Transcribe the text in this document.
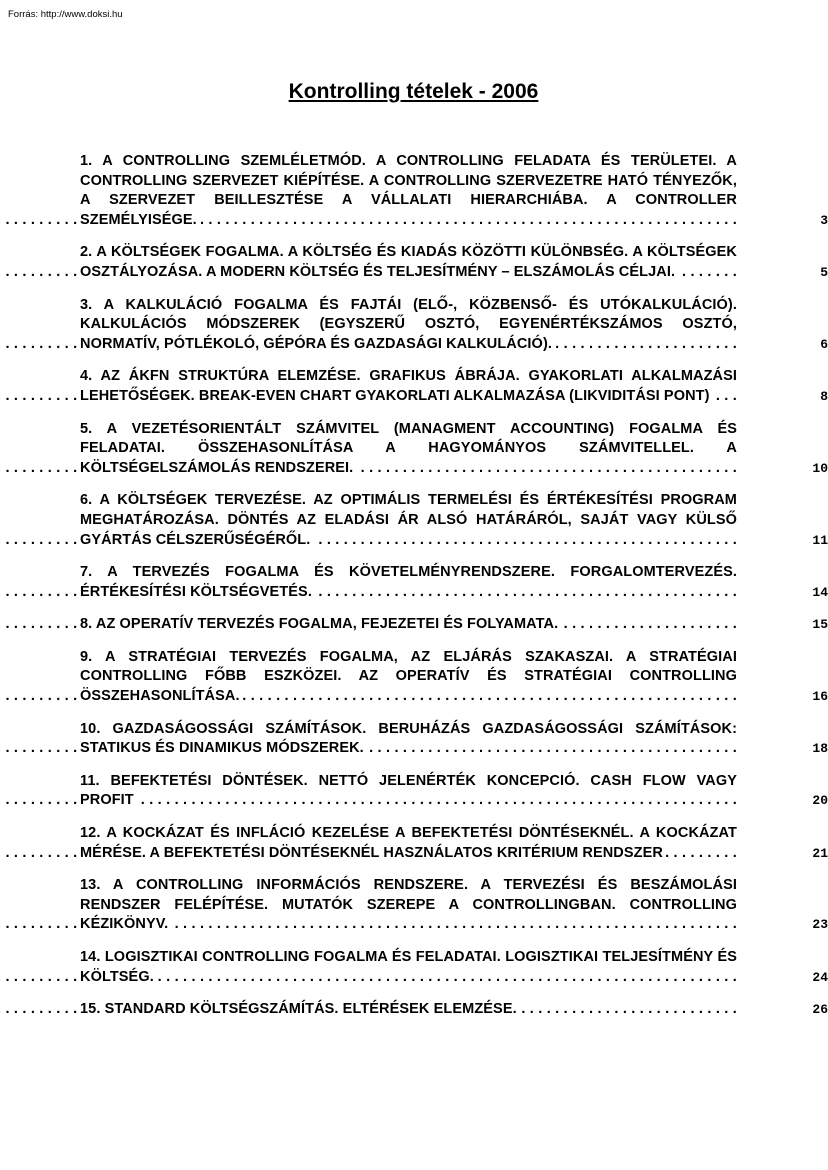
Forrás: http://www.doksi.hu
Kontrolling tételek - 2006
1. A CONTROLLING SZEMLÉLETMÓD. A CONTROLLING FELADATA ÉS TERÜLETEI. A CONTROLLING SZERVEZET KIÉPÍTÉSE. A CONTROLLING SZERVEZETRE HATÓ TÉNYEZŐK, A SZERVEZET BEILLESZTÉSE A VÁLLALATI HIERARCHIÁBA. A CONTROLLER SZEMÉLYISÉGE. . . .	3
2. A KÖLTSÉGEK FOGALMA. A KÖLTSÉG ÉS KIADÁS KÖZÖTTI KÜLÖNBSÉG. A KÖLTSÉGEK OSZTÁLYOZÁSA. A MODERN KÖLTSÉG ÉS TELJESÍTMÉNY – ELSZÁMOLÁS CÉLJAI. . . .	5
3. A KALKULÁCIÓ FOGALMA ÉS FAJTÁI (ELŐ-, KÖZBENSŐ- ÉS UTÓKALKULÁCIÓ). KALKULÁCIÓS MÓDSZEREK (EGYSZERŰ OSZTÓ, EGYENÉRTÉKSZÁMOS OSZTÓ, NORMATÍV, PÓTLÉKOLÓ, GÉPÓRA ÉS GAZDASÁGI KALKULÁCIÓ). . . .	6
4. AZ ÁKFN STRUKTÚRA ELEMZÉSE. GRAFIKUS ÁBRÁJA. GYAKORLATI ALKALMAZÁSI LEHETŐSÉGEK. BREAK-EVEN CHART GYAKORLATI ALKALMAZÁSA (LIKVIDITÁSI PONT) . . .	8
5. A VEZETÉSORIENTÁLT SZÁMVITEL (MANAGMENT ACCOUNTING) FOGALMA ÉS FELADATAI. ÖSSZEHASONLÍTÁSA A HAGYOMÁNYOS SZÁMVITELLEL. A KÖLTSÉGELSZÁMOLÁS RENDSZEREI. . . .	10
6. A KÖLTSÉGEK TERVEZÉSE. AZ OPTIMÁLIS TERMELÉSI ÉS ÉRTÉKESÍTÉSI PROGRAM MEGHATÁROZÁSA. DÖNTÉS AZ ELADÁSI ÁR ALSÓ HATÁRÁRÓL, SAJÁT VAGY KÜLSŐ GYÁRTÁS CÉLSZERŰSÉGÉRŐL. . . .	11
7. A TERVEZÉS FOGALMA ÉS KÖVETELMÉNYRENDSZERE. FORGALOMTERVEZÉS. ÉRTÉKESÍTÉSI KÖLTSÉGVETÉS. . . .	14
8. AZ OPERATÍV TERVEZÉS FOGALMA, FEJEZETEI ÉS FOLYAMATA. . . .	15
9. A STRATÉGIAI TERVEZÉS FOGALMA, AZ ELJÁRÁS SZAKASZAI. A STRATÉGIAI CONTROLLING FŐBB ESZKÖZEI. AZ OPERATÍV ÉS STRATÉGIAI CONTROLLING ÖSSZEHASONLÍTÁSA. . . .	16
10. GAZDASÁGOSSÁGI SZÁMÍTÁSOK. BERUHÁZÁS GAZDASÁGOSSÁGI SZÁMÍTÁSOK: STATIKUS ÉS DINAMIKUS MÓDSZEREK. . . .	18
11. BEFEKTETÉSI DÖNTÉSEK. NETTÓ JELENÉRTÉK KONCEPCIÓ. CASH FLOW VAGY PROFIT . . .	20
12. A KOCKÁZAT ÉS INFLÁCIÓ KEZELÉSE A BEFEKTETÉSI DÖNTÉSEKNÉL. A KOCKÁZAT MÉRÉSE. A BEFEKTETÉSI DÖNTÉSEKNÉL HASZNÁLATOS KRITÉRIUM RENDSZER . . .	21
13. A CONTROLLING INFORMÁCIÓS RENDSZERE. A TERVEZÉSI ÉS BESZÁMOLÁSI RENDSZER FELÉPÍTÉSE. MUTATÓK SZEREPE A CONTROLLINGBAN. CONTROLLING KÉZIKÖNYV. . . .	23
14. LOGISZTIKAI CONTROLLING FOGALMA ÉS FELADATAI. LOGISZTIKAI TELJESÍTMÉNY ÉS KÖLTSÉG. . . .	24
15. STANDARD KÖLTSÉGSZÁMÍTÁS. ELTÉRÉSEK ELEMZÉSE. . . .	26
